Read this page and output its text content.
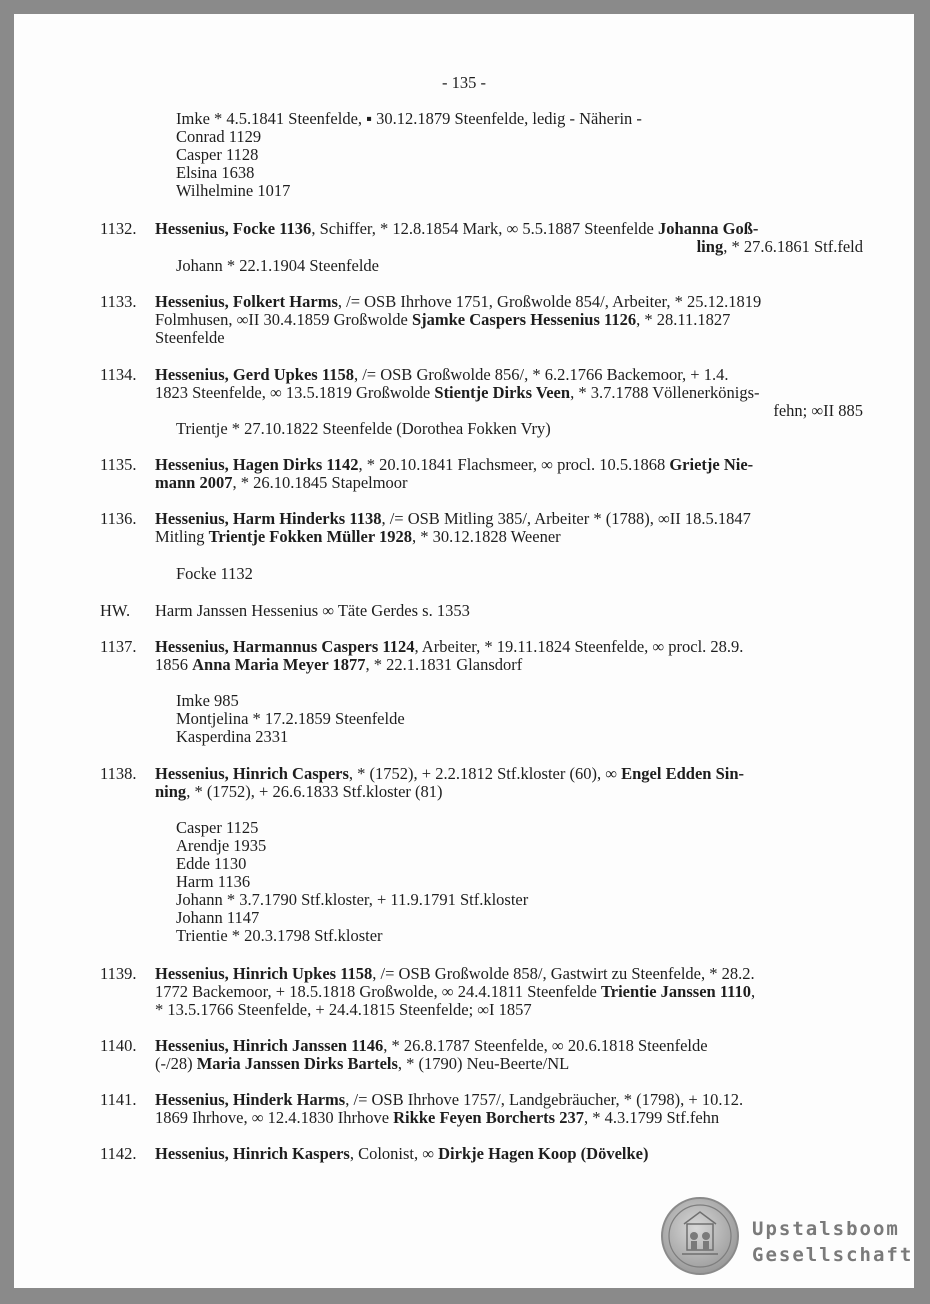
- 135 -
Imke * 4.5.1841 Steenfelde, ▪ 30.12.1879 Steenfelde, ledig - Näherin -
Conrad 1129
Casper 1128
Elsina 1638
Wilhelmine 1017
1132. Hessenius, Focke 1136, Schiffer, * 12.8.1854 Mark, ∞ 5.5.1887 Steenfelde Johanna Goß-
ling, * 27.6.1861 Stf.feld
Johann * 22.1.1904 Steenfelde
1133. Hessenius, Folkert Harms, /= OSB Ihrhove 1751, Großwolde 854/, Arbeiter, * 25.12.1819
Folmhusen, ∞II 30.4.1859 Großwolde Sjamke Caspers Hessenius 1126, * 28.11.1827
Steenfelde
1134. Hessenius, Gerd Upkes 1158, /= OSB Großwolde 856/, * 6.2.1766 Backemoor, + 1.4.
1823 Steenfelde, ∞ 13.5.1819 Großwolde Stientje Dirks Veen, * 3.7.1788 Völlenerkönigs-
fehn; ∞II 885
Trientje * 27.10.1822 Steenfelde (Dorothea Fokken Vry)
1135. Hessenius, Hagen Dirks 1142, * 20.10.1841 Flachsmeer, ∞ procl. 10.5.1868 Grietje Nie-
mann 2007, * 26.10.1845 Stapelmoor
1136. Hessenius, Harm Hinderks 1138, /= OSB Mitling 385/, Arbeiter * (1788), ∞II 18.5.1847
Mitling Trientje Fokken Müller 1928, * 30.12.1828 Weener
Focke 1132
HW. Harm Janssen Hessenius ∞ Täte Gerdes s. 1353
1137. Hessenius, Harmannus Caspers 1124, Arbeiter, * 19.11.1824 Steenfelde, ∞ procl. 28.9.
1856 Anna Maria Meyer 1877, * 22.1.1831 Glansdorf
Imke 985
Montjelina * 17.2.1859 Steenfelde
Kasperdina 2331
1138. Hessenius, Hinrich Caspers, * (1752), + 2.2.1812 Stf.kloster (60), ∞ Engel Edden Sin-
ning, * (1752), + 26.6.1833 Stf.kloster (81)
Casper 1125
Arendje 1935
Edde 1130
Harm 1136
Johann * 3.7.1790 Stf.kloster, + 11.9.1791 Stf.kloster
Johann 1147
Trientie * 20.3.1798 Stf.kloster
1139. Hessenius, Hinrich Upkes 1158, /= OSB Großwolde 858/, Gastwirt zu Steenfelde, * 28.2.
1772 Backemoor, + 18.5.1818 Großwolde, ∞ 24.4.1811 Steenfelde Trientie Janssen 1110,
* 13.5.1766 Steenfelde, + 24.4.1815 Steenfelde; ∞I 1857
1140. Hessenius, Hinrich Janssen 1146, * 26.8.1787 Steenfelde, ∞ 20.6.1818 Steenfelde
(-/28) Maria Janssen Dirks Bartels, * (1790) Neu-Beerte/NL
1141. Hessenius, Hinderk Harms, /= OSB Ihrhove 1757/, Landgebräucher, * (1798), + 10.12.
1869 Ihrhove, ∞ 12.4.1830 Ihrhove Rikke Feyen Borcherts 237, * 4.3.1799 Stf.fehn
1142. Hessenius, Hinrich Kaspers, Colonist, ∞ Dirkje Hagen Koop (Dövelke)
Upstalsboom
Gesellschaft
